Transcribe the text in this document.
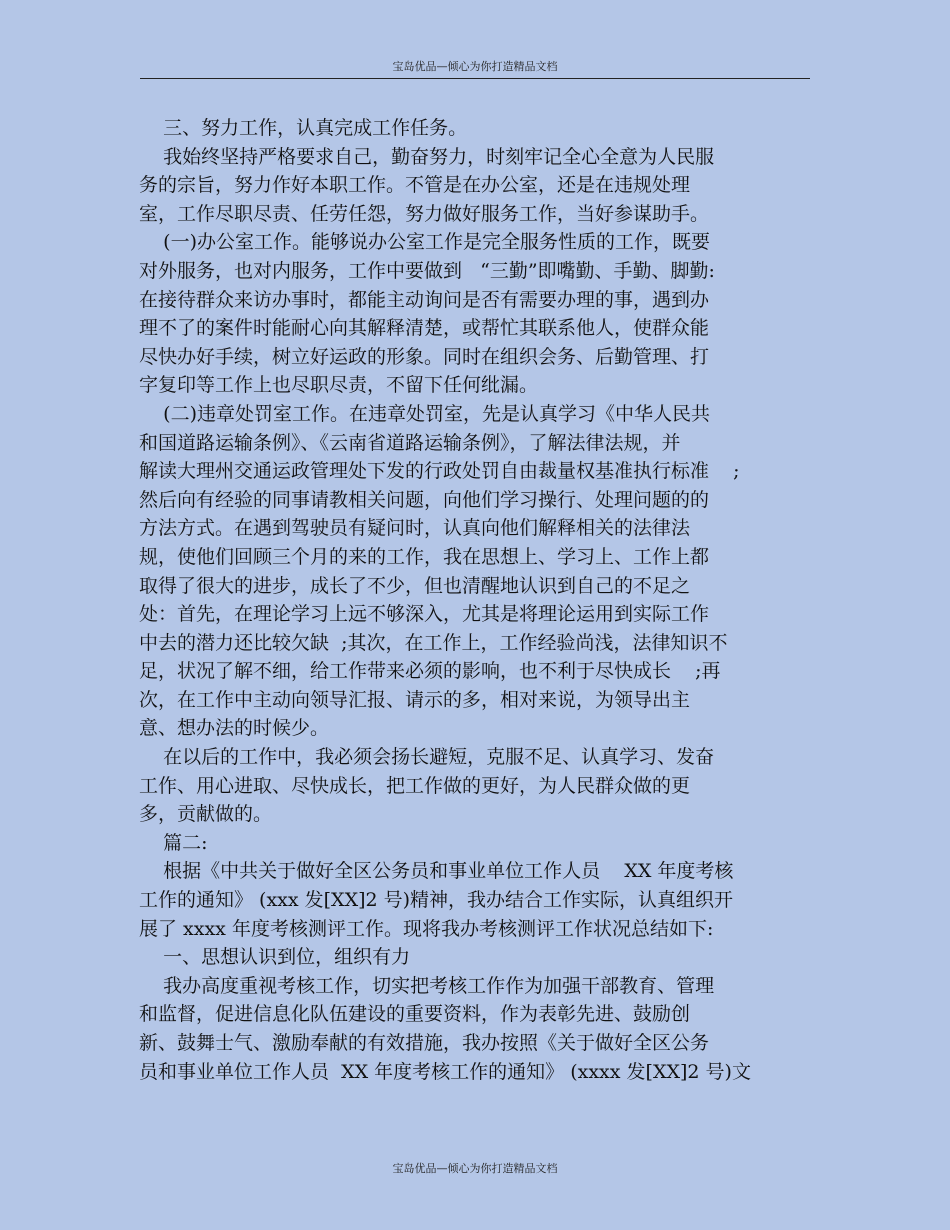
宝岛优品—倾心为你打造精品文档
三、努力工作，认真完成工作任务。
我始终坚持严格要求自己，勤奋努力，时刻牢记全心全意为人民服
务的宗旨，努力作好本职工作。不管是在办公室，还是在违规处理
室，工作尽职尽责、任劳任怨，努力做好服务工作，当好参谋助手。
(一)办公室工作。能够说办公室工作是完全服务性质的工作，既要
对外服务，也对内服务，工作中要做到   “三勤”即嘴勤、手勤、脚勤:
在接待群众来访办事时，都能主动询问是否有需要办理的事，遇到办
理不了的案件时能耐心向其解释清楚，或帮忙其联系他人，使群众能
尽快办好手续，树立好运政的形象。同时在组织会务、后勤管理、打
字复印等工作上也尽职尽责，不留下任何纰漏。
(二)违章处罚室工作。在违章处罚室，先是认真学习《中华人民共
和国道路运输条例》、《云南省道路运输条例》，了解法律法规，并
解读大理州交通运政管理处下发的行政处罚自由裁量权基准执行标准    ;
然后向有经验的同事请教相关问题，向他们学习操行、处理问题的的
方法方式。在遇到驾驶员有疑问时，认真向他们解释相关的法律法
规，使他们回顾三个月的来的工作，我在思想上、学习上、工作上都
取得了很大的进步，成长了不少，但也清醒地认识到自己的不足之
处：首先，在理论学习上远不够深入，尤其是将理论运用到实际工作
中去的潜力还比较欠缺  ;其次，在工作上，工作经验尚浅，法律知识不
足，状况了解不细，给工作带来必须的影响，也不利于尽快成长    ;再
次，在工作中主动向领导汇报、请示的多，相对来说，为领导出主
意、想办法的时候少。
在以后的工作中，我必须会扬长避短，克服不足、认真学习、发奋
工作、用心进取、尽快成长，把工作做的更好，为人民群众做的更
多，贡献做的。
篇二:
根据《中共关于做好全区公务员和事业单位工作人员    XX 年度考核
工作的通知》 (xxx 发[XX]2 号)精神，我办结合工作实际，认真组织开
展了 xxxx 年度考核测评工作。现将我办考核测评工作状况总结如下:
一、思想认识到位，组织有力
我办高度重视考核工作，切实把考核工作作为加强干部教育、管理
和监督，促进信息化队伍建设的重要资料，作为表彰先进、鼓励创
新、鼓舞士气、激励奉献的有效措施，我办按照《关于做好全区公务
员和事业单位工作人员  XX 年度考核工作的通知》 (xxxx 发[XX]2 号)文
宝岛优品—倾心为你打造精品文档
